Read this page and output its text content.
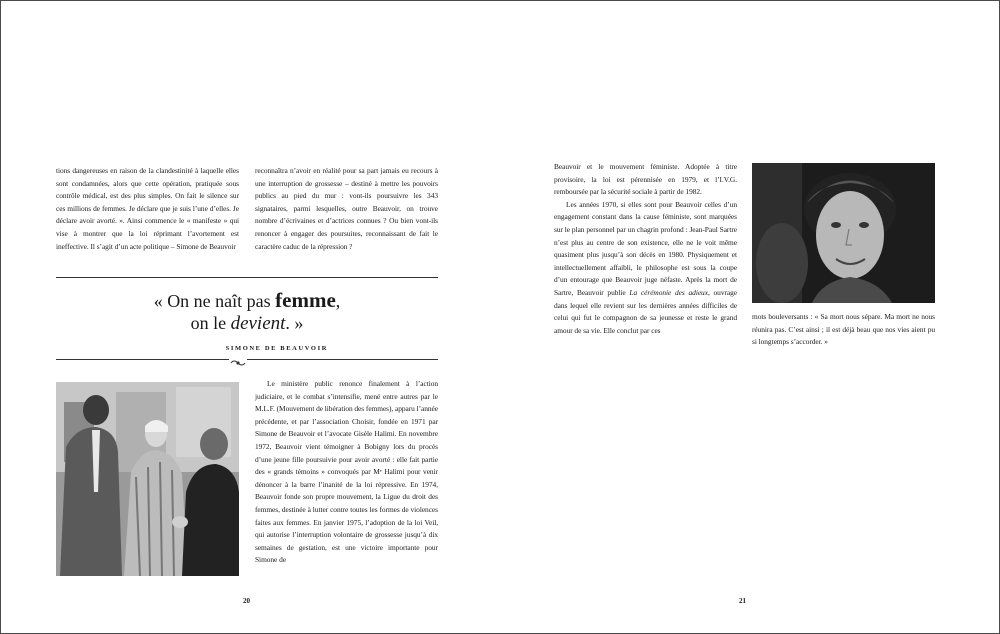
tions dangereuses en raison de la clandestinité à laquelle elles sont condamnées, alors que cette opération, pratiquée sous contrôle médical, est des plus simples. On fait le silence sur ces millions de femmes. Je déclare que je suis l’une d’elles. Je déclare avoir avorté. ». Ainsi commence le « manifeste » qui vise à montrer que la loi réprimant l’avortement est ineffective. Il s’agit d’un acte politique – Simone de Beauvoir

reconnaîtra n’avoir en réalité pour sa part jamais eu recours à une interruption de grossesse – destiné à mettre les pouvoirs publics au pied du mur : vont-ils poursuivre les 343 signataires, parmi lesquelles, outre Beauvoir, on trouve nombre d’écrivaines et d’actrices connues ? Ou bien vont-ils renoncer à engager des poursuites, reconnaissant de fait le caractère caduc de la répression ?

« On ne naît pas femme,
on le devient. »
SIMONE DE BEAUVOIR

Le ministère public renonce finalement à l’action judiciaire, et le combat s’intensifie, mené entre autres par le M.L.F. (Mouvement de libération des femmes), apparu l’année précédente, et par l’association Choisir, fondée en 1971 par Simone de Beauvoir et l’avocate Gisèle Halimi. En novembre 1972, Beauvoir vient témoigner à Bobigny lors du procès d’une jeune fille poursuivie pour avoir avorté : elle fait partie des « grands témoins » convoqués par Mᵉ Halimi pour venir dénoncer à la barre l’inanité de la loi répressive. En 1974, Beauvoir fonde son propre mouvement, la Ligue du droit des femmes, destinée à lutter contre toutes les formes de violences faites aux femmes. En janvier 1975, l’adoption de la loi Veil, qui autorise l’interruption volontaire de grossesse jusqu’à dix semaines de gestation, est une victoire importante pour Simone de

20

Beauvoir et le mouvement féministe. Adoptée à titre provisoire, la loi est pérennisée en 1979, et l’I.V.G. remboursée par la sécurité sociale à partir de 1982.

Les années 1970, si elles sont pour Beauvoir celles d’un engagement constant dans la cause féministe, sont marquées sur le plan personnel par un chagrin profond : Jean-Paul Sartre n’est plus au centre de son existence, elle ne le voit même quasiment plus jusqu’à son décès en 1980. Physiquement et intellectuellement affaibli, le philosophe est sous la coupe d’un entourage que Beauvoir juge néfaste. Après la mort de Sartre, Beauvoir publie La cérémonie des adieux, ouvrage dans lequel elle revient sur les dernières années difficiles de celui qui fut le compagnon de sa jeunesse et reste le grand amour de sa vie. Elle conclut par ces

mots bouleversants : « Sa mort nous sépare. Ma mort ne nous réunira pas. C’est ainsi ; il est déjà beau que nos vies aient pu si longtemps s’accorder. »

21
